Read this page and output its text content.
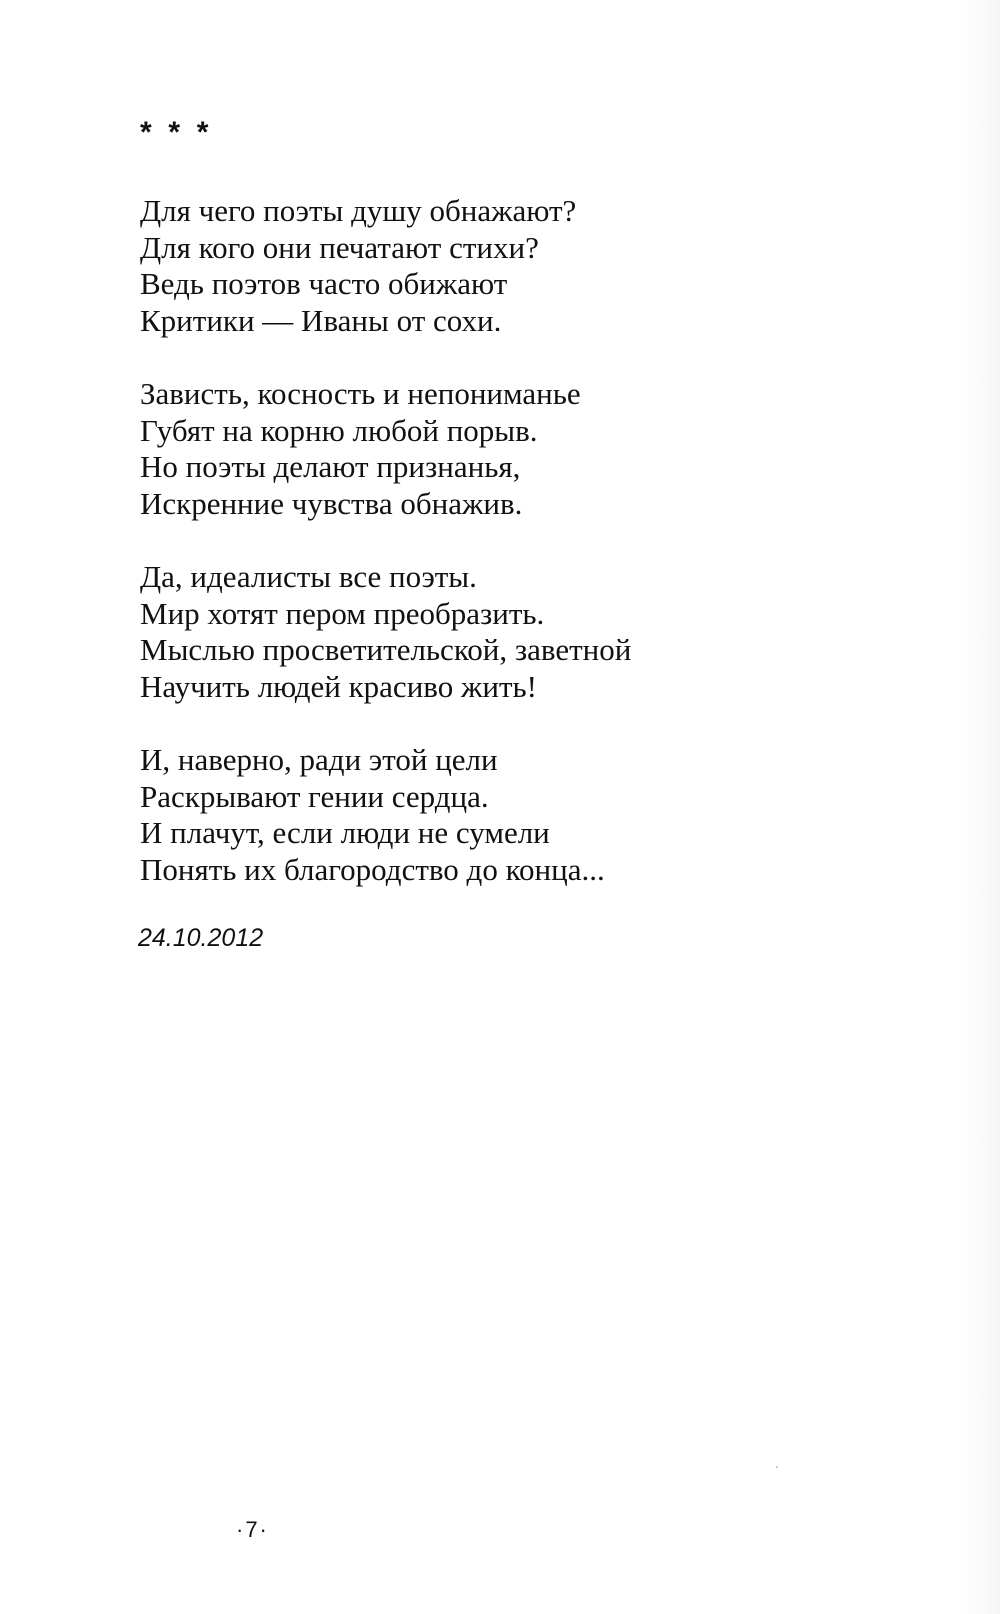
*  *  *
Для чего поэты душу обнажают?
Для кого они печатают стихи?
Ведь поэтов часто обижают
Критики — Иваны от сохи.
Зависть, косность и непониманье
Губят на корню любой порыв.
Но поэты делают признанья,
Искренние чувства обнажив.
Да, идеалисты все поэты.
Мир хотят пером преобразить.
Мыслью просветительской, заветной
Научить людей красиво жить!
И, наверно, ради этой цели
Раскрывают гении сердца.
И плачут, если люди не сумели
Понять их благородство до конца...
24.10.2012
·7·
